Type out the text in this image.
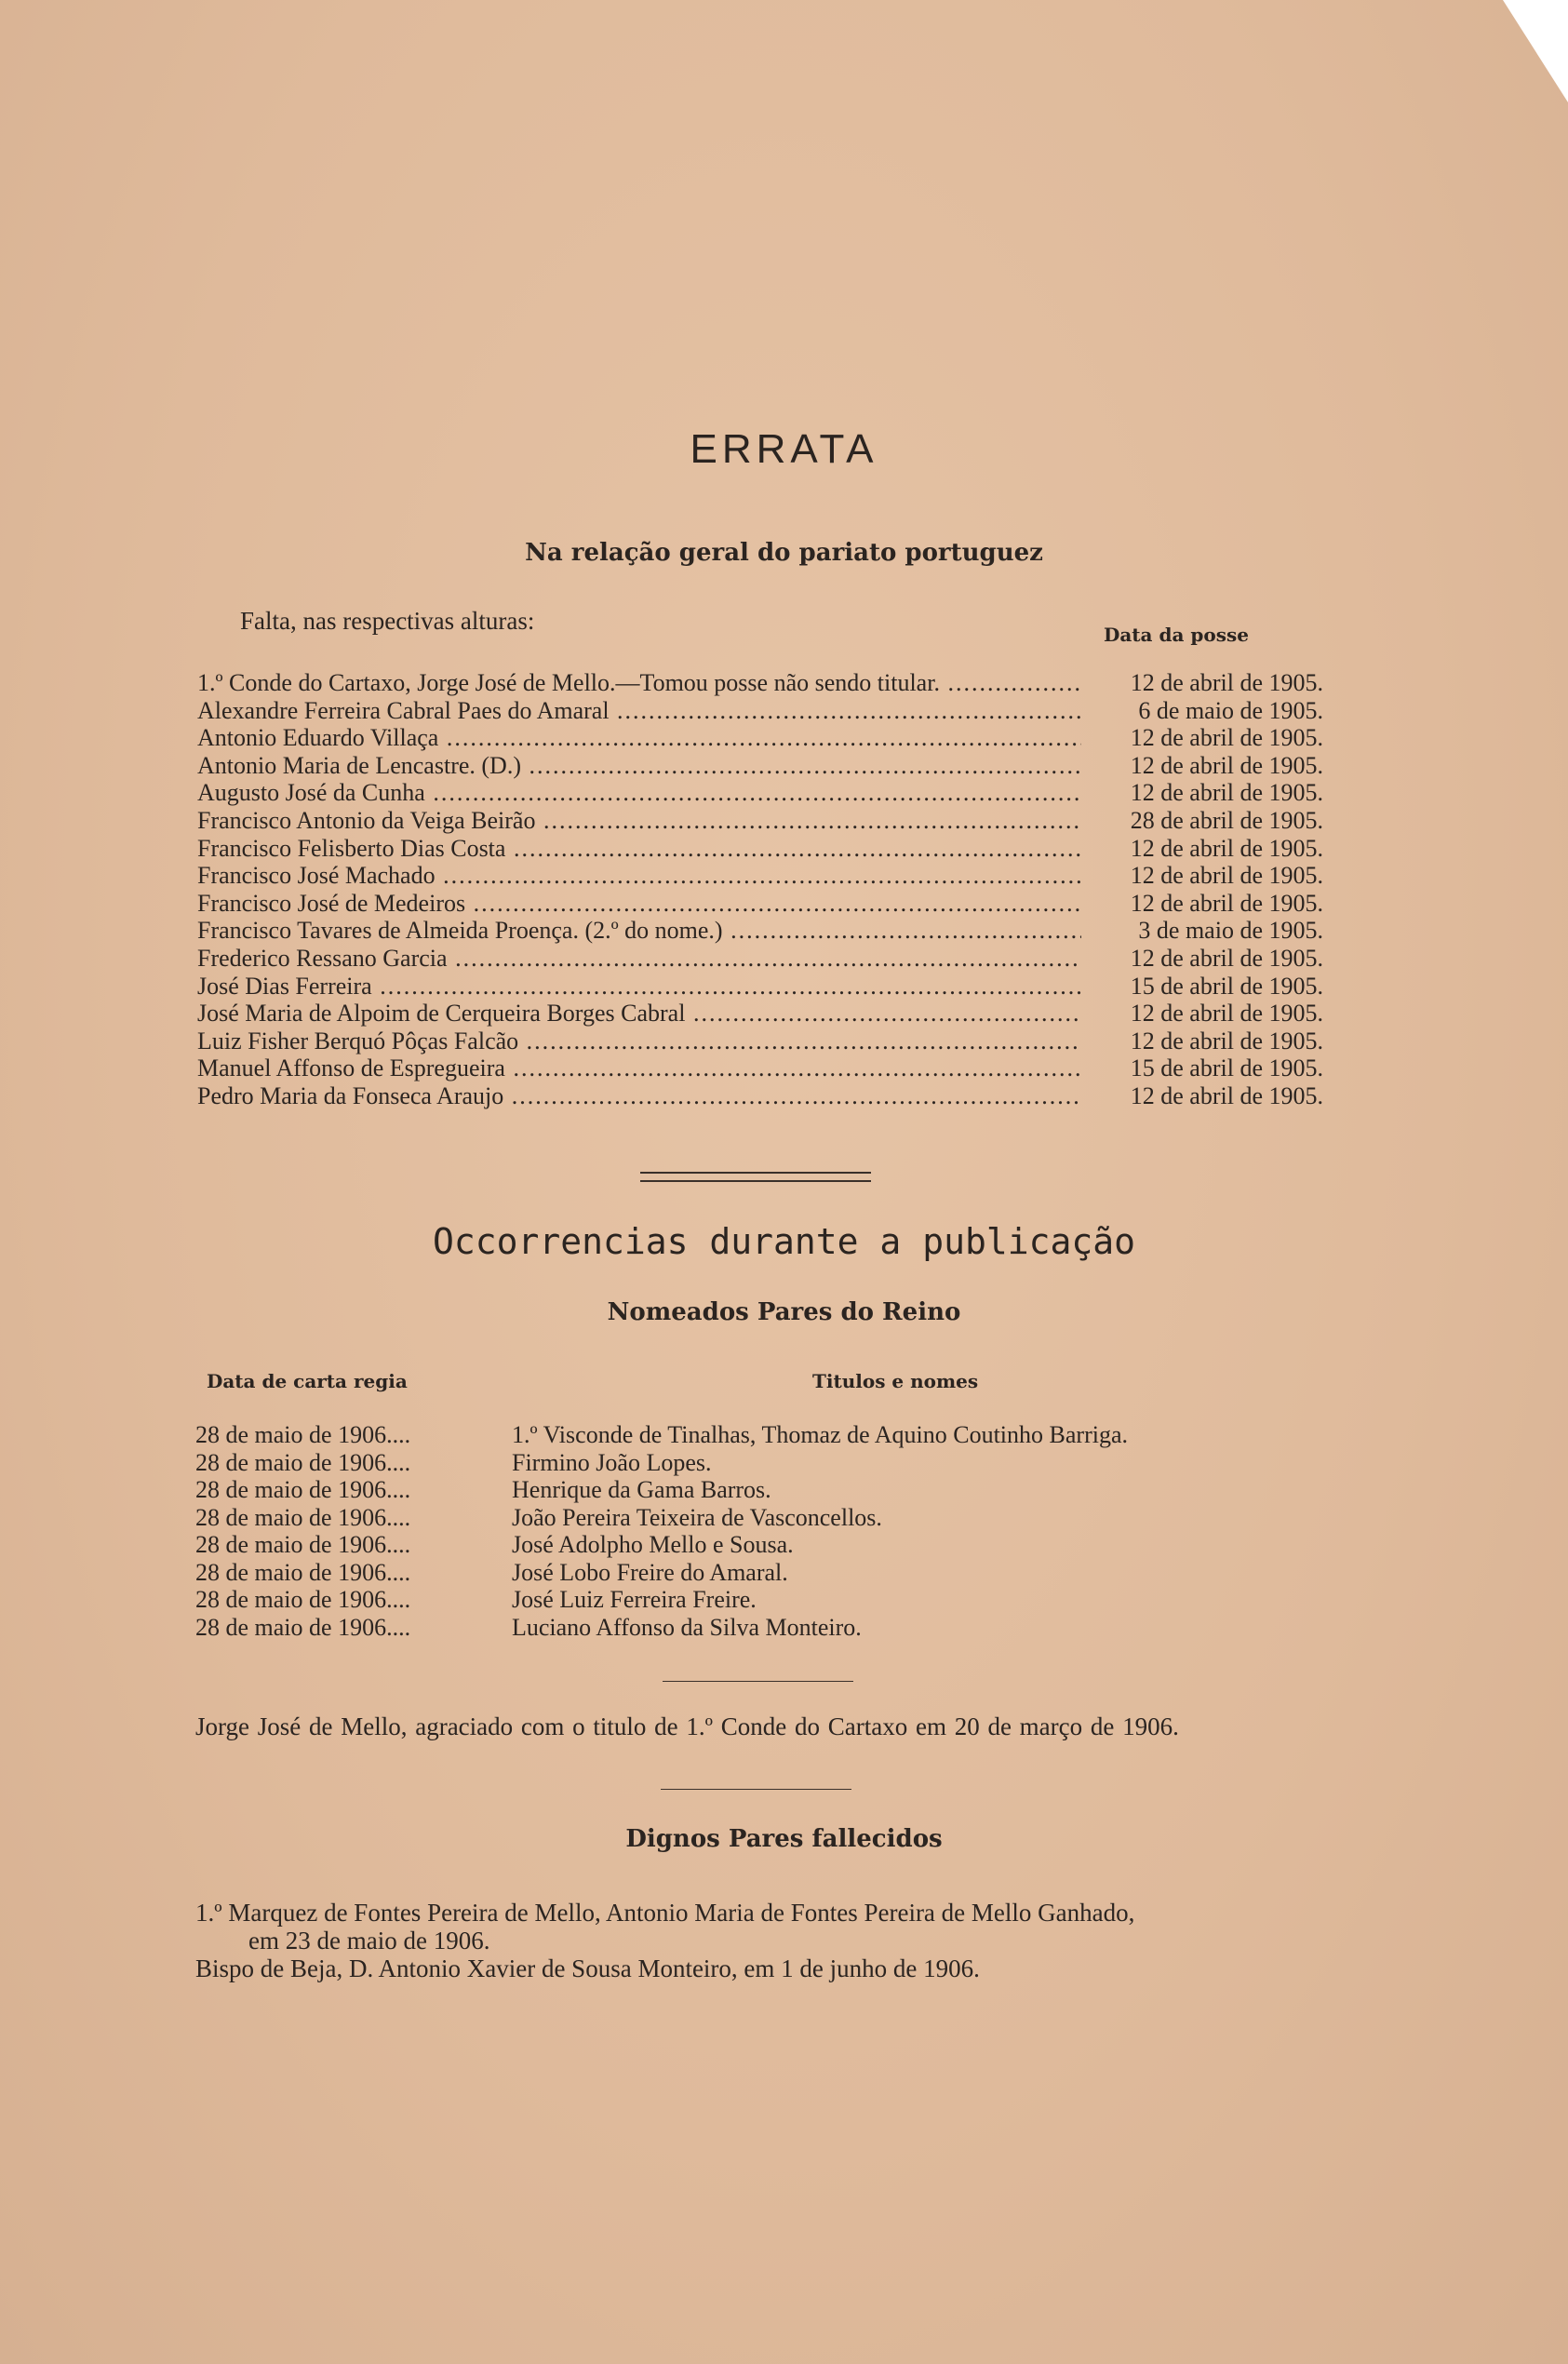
ERRATA
Na relação geral do pariato portuguez
Falta, nas respectivas alturas:	Data da posse
1.º Conde do Cartaxo, Jorge José de Mello.—Tomou posse não sendo titular. .....	12 de abril de 1905.
Alexandre Ferreira Cabral Paes do Amaral .....	6 de maio de 1905.
Antonio Eduardo Villaça .....	12 de abril de 1905.
Antonio Maria de Lencastre. (D.) .....	12 de abril de 1905.
Augusto José da Cunha .....	12 de abril de 1905.
Francisco Antonio da Veiga Beirão .....	28 de abril de 1905.
Francisco Felisberto Dias Costa .....	12 de abril de 1905.
Francisco José Machado .....	12 de abril de 1905.
Francisco José de Medeiros .....	12 de abril de 1905.
Francisco Tavares de Almeida Proença. (2.º do nome.) .....	3 de maio de 1905.
Frederico Ressano Garcia .....	12 de abril de 1905.
José Dias Ferreira .....	15 de abril de 1905.
José Maria de Alpoim de Cerqueira Borges Cabral .....	12 de abril de 1905.
Luiz Fisher Berquó Pôças Falcão .....	12 de abril de 1905.
Manuel Affonso de Espregueira .....	15 de abril de 1905.
Pedro Maria da Fonseca Araujo .....	12 de abril de 1905.
Occorrencias durante a publicação
Nomeados Pares do Reino
Data de carta regia	Titulos e nomes
28 de maio de 1906....	1.º Visconde de Tinalhas, Thomaz de Aquino Coutinho Barriga.
28 de maio de 1906....	Firmino João Lopes.
28 de maio de 1906....	Henrique da Gama Barros.
28 de maio de 1906....	João Pereira Teixeira de Vasconcellos.
28 de maio de 1906....	José Adolpho Mello e Sousa.
28 de maio de 1906....	José Lobo Freire do Amaral.
28 de maio de 1906....	José Luiz Ferreira Freire.
28 de maio de 1906....	Luciano Affonso da Silva Monteiro.
Jorge José de Mello, agraciado com o titulo de 1.º Conde do Cartaxo em 20 de março de 1906.
Dignos Pares fallecidos

1.º Marquez de Fontes Pereira de Mello, Antonio Maria de Fontes Pereira de Mello Ganhado,

em 23 de maio de 1906.

Bispo de Beja, D. Antonio Xavier de Sousa Monteiro, em 1 de junho de 1906.
